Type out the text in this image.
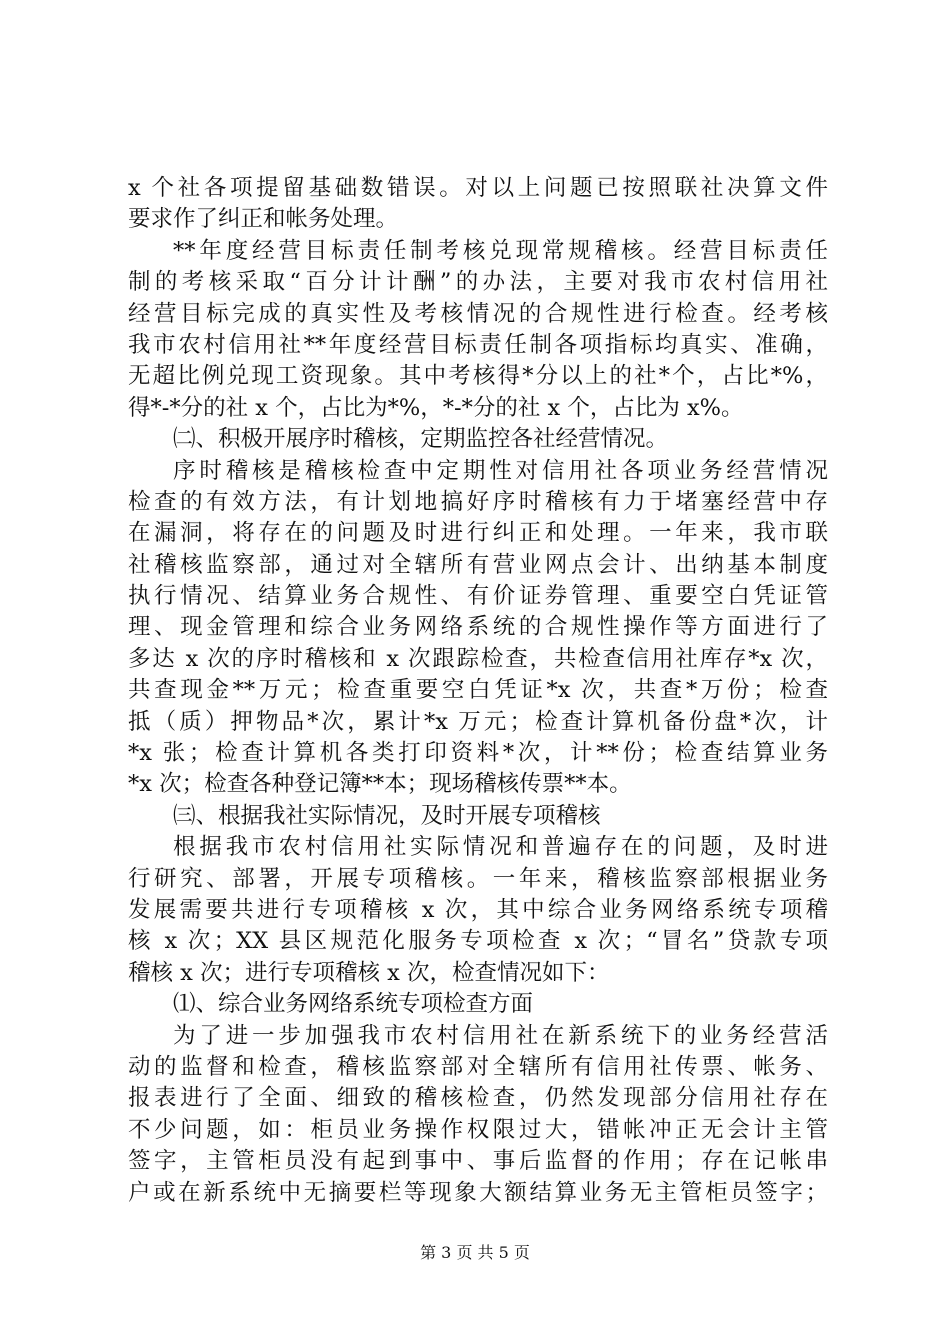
x 个社各项提留基础数错误。对以上问题已按照联社决算文件
要求作了纠正和帐务处理。
**年度经营目标责任制考核兑现常规稽核。经营目标责任
制的考核采取“百分计计酬”的办法，主要对我市农村信用社
经营目标完成的真实性及考核情况的合规性进行检查。经考核
我市农村信用社**年度经营目标责任制各项指标均真实、准确，
无超比例兑现工资现象。其中考核得*分以上的社*个，占比*%，
得*-*分的社 x 个，占比为*%，*-*分的社 x 个，占比为 x%。
㈡、积极开展序时稽核，定期监控各社经营情况。
序时稽核是稽核检查中定期性对信用社各项业务经营情况
检查的有效方法，有计划地搞好序时稽核有力于堵塞经营中存
在漏洞，将存在的问题及时进行纠正和处理。一年来，我市联
社稽核监察部，通过对全辖所有营业网点会计、出纳基本制度
执行情况、结算业务合规性、有价证券管理、重要空白凭证管
理、现金管理和综合业务网络系统的合规性操作等方面进行了
多达 x 次的序时稽核和 x 次跟踪检查，共检查信用社库存*x 次，
共查现金**万元；检查重要空白凭证*x 次，共查*万份；检查
抵（质）押物品*次，累计*x 万元；检查计算机备份盘*次，计
*x 张；检查计算机各类打印资料*次，计**份；检查结算业务
*x 次；检查各种登记簿**本；现场稽核传票**本。
㈢、根据我社实际情况，及时开展专项稽核
根据我市农村信用社实际情况和普遍存在的问题，及时进
行研究、部署，开展专项稽核。一年来，稽核监察部根据业务
发展需要共进行专项稽核 x 次，其中综合业务网络系统专项稽
核 x 次；XX 县区规范化服务专项检查 x 次；“冒名”贷款专项
稽核 x 次；进行专项稽核 x 次，检查情况如下：
⑴、综合业务网络系统专项检查方面
为了进一步加强我市农村信用社在新系统下的业务经营活
动的监督和检查，稽核监察部对全辖所有信用社传票、帐务、
报表进行了全面、细致的稽核检查，仍然发现部分信用社存在
不少问题，如：柜员业务操作权限过大，错帐冲正无会计主管
签字，主管柜员没有起到事中、事后监督的作用；存在记帐串
户或在新系统中无摘要栏等现象大额结算业务无主管柜员签字；
第 3 页 共 5 页
